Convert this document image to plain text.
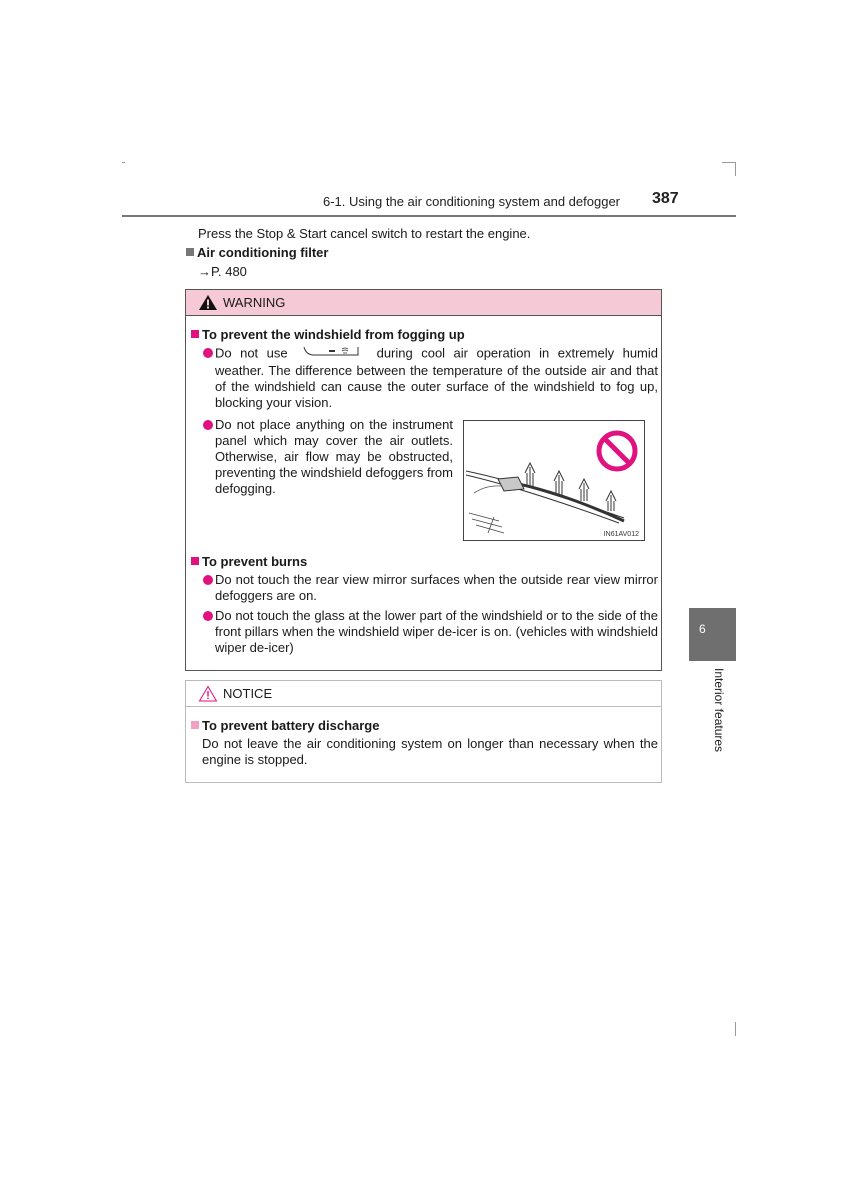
6-1. Using the air conditioning system and defogger 387
Press the Stop & Start cancel switch to restart the engine.
Air conditioning filter
→P. 480
WARNING
To prevent the windshield from fogging up
Do not use	during cool air operation in extremely humid weather. The difference between the temperature of the outside air and that of the windshield can cause the outer surface of the windshield to fog up, blocking your vision.
Do not place anything on the instrument panel which may cover the air outlets. Otherwise, air flow may be obstructed, preventing the windshield defoggers from defogging.
To prevent burns
Do not touch the rear view mirror surfaces when the outside rear view mirror defoggers are on.
Do not touch the glass at the lower part of the windshield or to the side of the front pillars when the windshield wiper de-icer is on. (vehicles with windshield wiper de-icer)
IN61AV012
NOTICE
To prevent battery discharge
Do not leave the air conditioning system on longer than necessary when the engine is stopped.
6
Interior features
